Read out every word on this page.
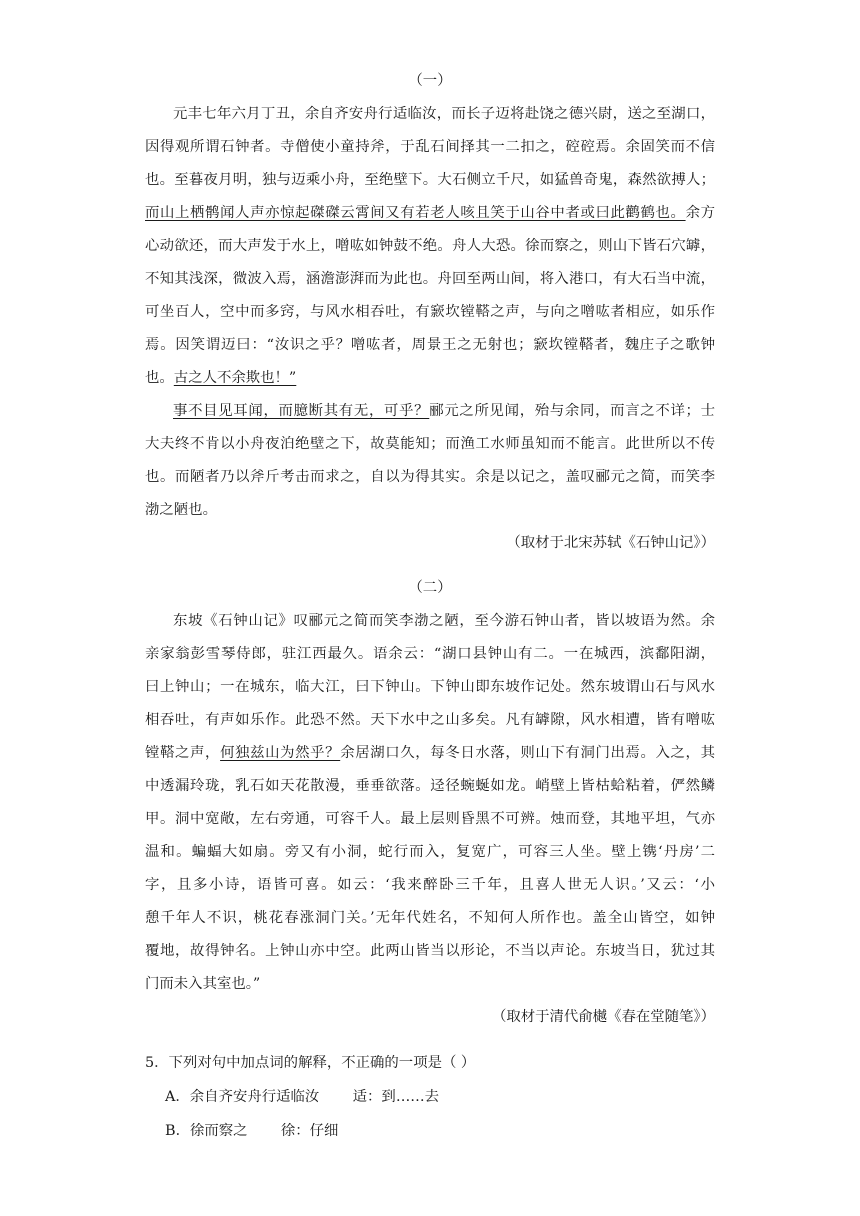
（一）
元丰七年六月丁丑，余自齐安舟行适临汝，而长子迈将赴饶之德兴尉，送之至湖口，
因得观所谓石钟者。寺僧使小童持斧，于乱石间择其一二扣之，硿硿焉。余固笑而不信
也。至暮夜月明，独与迈乘小舟，至绝壁下。大石侧立千尺，如猛兽奇鬼，森然欲搏人；
而山上栖鹘闻人声亦惊起磔磔云霄间又有若老人咳且笑于山谷中者或曰此鹳鹤也。余方
心动欲还，而大声发于水上，噌吰如钟鼓不绝。舟人大恐。徐而察之，则山下皆石穴罅，
不知其浅深，微波入焉，涵澹澎湃而为此也。舟回至两山间，将入港口，有大石当中流，
可坐百人，空中而多窍，与风水相吞吐，有窾坎镗鞳之声，与向之噌吰者相应，如乐作
焉。因笑谓迈曰：“汝识之乎？噌吰者，周景王之无射也；窾坎镗鞳者，魏庄子之歌钟
也。古之人不余欺也！”
事不目见耳闻，而臆断其有无，可乎？郦元之所见闻，殆与余同，而言之不详；士
大夫终不肯以小舟夜泊绝壁之下，故莫能知；而渔工水师虽知而不能言。此世所以不传
也。而陋者乃以斧斤考击而求之，自以为得其实。余是以记之，盖叹郦元之简，而笑李
渤之陋也。
（取材于北宋苏轼《石钟山记》）
（二）
东坡《石钟山记》叹郦元之简而笑李渤之陋，至今游石钟山者，皆以坡语为然。余
亲家翁彭雪琴侍郎，驻江西最久。语余云：“湖口县钟山有二。一在城西，滨鄱阳湖，
曰上钟山；一在城东，临大江，曰下钟山。下钟山即东坡作记处。然东坡谓山石与风水
相吞吐，有声如乐作。此恐不然。天下水中之山多矣。凡有罅隙，风水相遭，皆有噌吰
镗鞳之声，何独兹山为然乎？余居湖口久，每冬日水落，则山下有洞门出焉。入之，其
中透漏玲珑，乳石如天花散漫，垂垂欲落。迳径蜿蜒如龙。峭壁上皆枯蛤粘着，俨然鳞
甲。洞中宽敞，左右旁通，可容千人。最上层则昏黑不可辨。烛而登，其地平坦，气亦
温和。蝙蝠大如扇。旁又有小洞，蛇行而入，复宽广，可容三人坐。壁上镌‘丹房’二
字，且多小诗，语皆可喜。如云：‘我来醉卧三千年，且喜人世无人识。’又云：‘小
憩千年人不识，桃花春涨洞门关。’无年代姓名，不知何人所作也。盖全山皆空，如钟
覆地，故得钟名。上钟山亦中空。此两山皆当以形论，不当以声论。东坡当日，犹过其
门而未入其室也。”
（取材于清代俞樾《春在堂随笔》）
5．下列对句中加点词的解释，不正确的一项是（ ）
A．余自齐安舟行适临汝　　 适：到……去
B．徐而察之　　 徐：仔细
